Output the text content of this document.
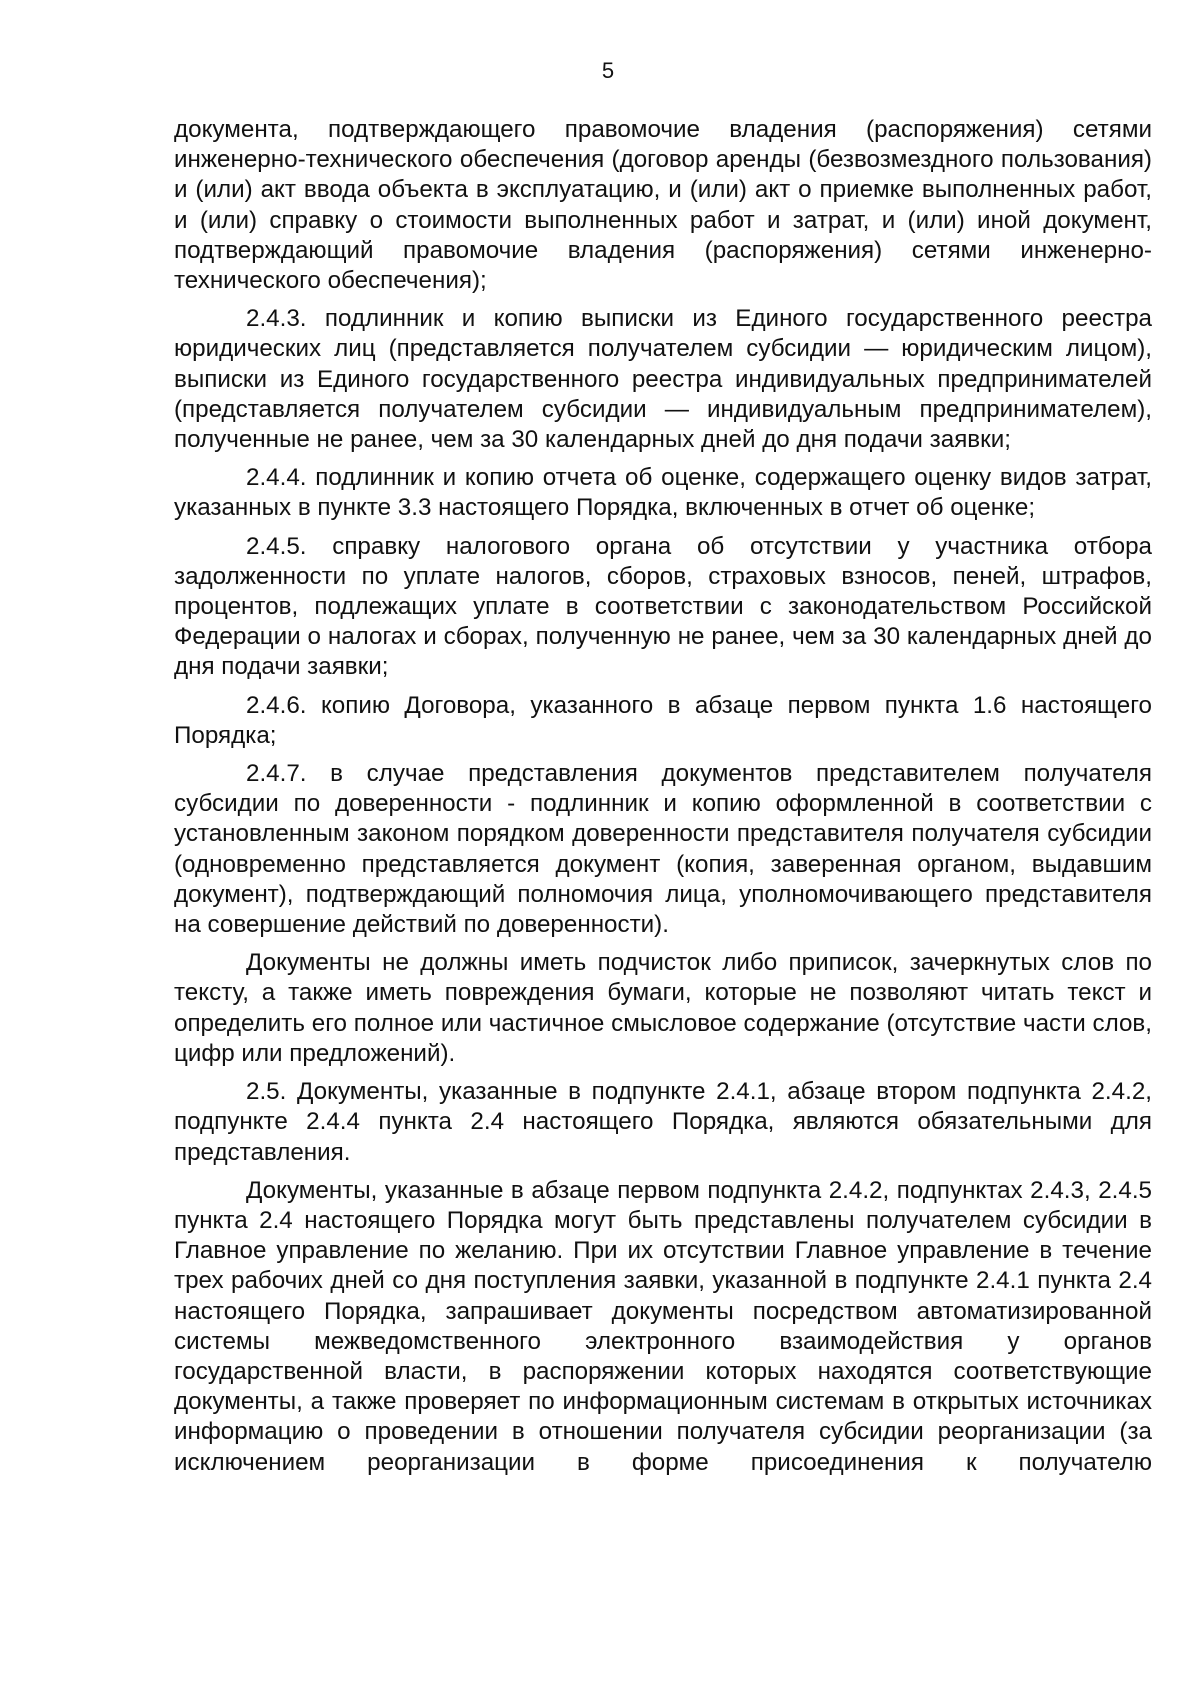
5

документа, подтверждающего правомочие владения (распоряжения) сетями инженерно-технического обеспечения (договор аренды (безвозмездного пользования) и (или) акт ввода объекта в эксплуатацию, и (или) акт о приемке выполненных работ, и (или) справку о стоимости выполненных работ и затрат, и (или) иной документ, подтверждающий правомочие владения (распоряжения) сетями инженерно-технического обеспечения);

2.4.3. подлинник и копию выписки из Единого государственного реестра юридических лиц (представляется получателем субсидии — юридическим лицом), выписки из Единого государственного реестра индивидуальных предпринимателей (представляется получателем субсидии — индивидуальным предпринимателем), полученные не ранее, чем за 30 календарных дней до дня подачи заявки;

2.4.4. подлинник и копию отчета об оценке, содержащего оценку видов затрат, указанных в пункте 3.3 настоящего Порядка, включенных в отчет об оценке;

2.4.5. справку налогового органа об отсутствии у участника отбора задолженности по уплате налогов, сборов, страховых взносов, пеней, штрафов, процентов, подлежащих уплате в соответствии с законодательством Российской Федерации о налогах и сборах, полученную не ранее, чем за 30 календарных дней до дня подачи заявки;

2.4.6. копию Договора, указанного в абзаце первом пункта 1.6 настоящего Порядка;

2.4.7. в случае представления документов представителем получателя субсидии по доверенности - подлинник и копию оформленной в соответствии с установленным законом порядком доверенности представителя получателя субсидии (одновременно представляется документ (копия, заверенная органом, выдавшим документ), подтверждающий полномочия лица, уполномочивающего представителя на совершение действий по доверенности).

Документы не должны иметь подчисток либо приписок, зачеркнутых слов по тексту, а также иметь повреждения бумаги, которые не позволяют читать текст и определить его полное или частичное смысловое содержание (отсутствие части слов, цифр или предложений).

2.5. Документы, указанные в подпункте 2.4.1, абзаце втором подпункта 2.4.2, подпункте 2.4.4 пункта 2.4 настоящего Порядка, являются обязательными для представления.

Документы, указанные в абзаце первом подпункта 2.4.2, подпунктах 2.4.3, 2.4.5 пункта 2.4 настоящего Порядка могут быть представлены получателем субсидии в Главное управление по желанию. При их отсутствии Главное управление в течение трех рабочих дней со дня поступления заявки, указанной в подпункте 2.4.1 пункта 2.4 настоящего Порядка, запрашивает документы посредством автоматизированной системы межведомственного электронного взаимодействия у органов государственной власти, в распоряжении которых находятся соответствующие документы, а также проверяет по информационным системам в открытых источниках информацию о проведении в отношении получателя субсидии реорганизации (за исключением реорганизации в форме присоединения к получателю
